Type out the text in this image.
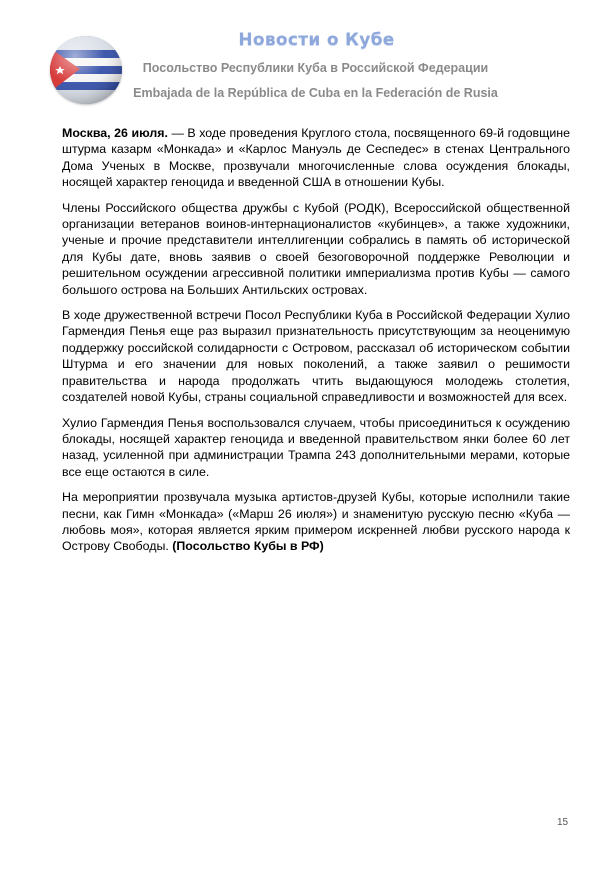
Новости о Кубе
Посольство Республики Куба в Российской Федерации
Embajada de la República de Cuba en la Federación de Rusia

Москва, 26 июля. — В ходе проведения Круглого стола, посвященного 69-й годовщине штурма казарм «Монкада» и «Карлос Мануэль де Сеспедес» в стенах Центрального Дома Ученых в Москве, прозвучали многочисленные слова осуждения блокады, носящей характер геноцида и введенной США в отношении Кубы.

Члены Российского общества дружбы с Кубой (РОДК), Всероссийской общественной организации ветеранов воинов-интернационалистов «кубинцев», а также художники, ученые и прочие представители интеллигенции собрались в память об исторической для Кубы дате, вновь заявив о своей безоговорочной поддержке Революции и решительном осуждении агрессивной политики империализма против Кубы — самого большого острова на Больших Антильских островах.

В ходе дружественной встречи Посол Республики Куба в Российской Федерации Хулио Гармендия Пенья еще раз выразил признательность присутствующим за неоценимую поддержку российской солидарности с Островом, рассказал об историческом событии Штурма и его значении для новых поколений, а также заявил о решимости правительства и народа продолжать чтить выдающуюся молодежь столетия, создателей новой Кубы, страны социальной справедливости и возможностей для всех.

Хулио Гармендия Пенья воспользовался случаем, чтобы присоединиться к осуждению блокады, носящей характер геноцида и введенной правительством янки более 60 лет назад, усиленной при администрации Трампа 243 дополнительными мерами, которые все еще остаются в силе.

На мероприятии прозвучала музыка артистов-друзей Кубы, которые исполнили такие песни, как Гимн «Монкада» («Марш 26 июля») и знаменитую русскую песню «Куба — любовь моя», которая является ярким примером искренней любви русского народа к Острову Свободы. (Посольство Кубы в РФ)

15
